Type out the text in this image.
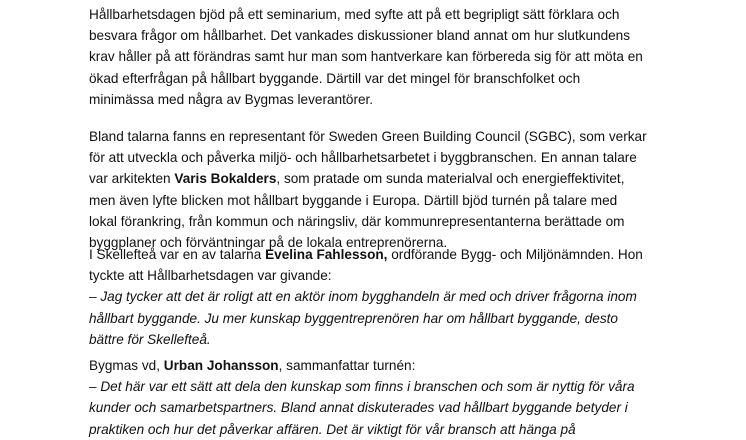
Hållbarhetsdagen bjöd på ett seminarium, med syfte att på ett begripligt sätt förklara och
besvara frågor om hållbarhet. Det vankades diskussioner bland annat om hur slutkundens
krav håller på att förändras samt hur man som hantverkare kan förbereda sig för att möta en
ökad efterfrågan på hållbart byggande. Därtill var det mingel för branschfolket och
minimässa med några av Bygmas leverantörer.
Bland talarna fanns en representant för Sweden Green Building Council (SGBC), som verkar
för att utveckla och påverka miljö- och hållbarhetsarbetet i byggbranschen. En annan talare
var arkitekten Varis Bokalders, som pratade om sunda materialval och energieffektivitet,
men även lyfte blicken mot hållbart byggande i Europa. Därtill bjöd turnén på talare med
lokal förankring, från kommun och näringsliv, där kommunrepresentanterna berättade om
byggplaner och förväntningar på de lokala entreprenörerna.
I Skellefteå var en av talarna Evelina Fahlesson, ordförande Bygg- och Miljönämnden. Hon
tyckte att Hållbarhetsdagen var givande:
– Jag tycker att det är roligt att en aktör inom bygghandeln är med och driver frågorna inom
hållbart byggande. Ju mer kunskap byggentreprenören har om hållbart byggande, desto
bättre för Skellefteå.
Bygmas vd, Urban Johansson, sammanfattar turnén:
– Det här var ett sätt att dela den kunskap som finns i branschen och som är nyttig för våra
kunder och samarbetspartners. Bland annat diskuterades vad hållbart byggande betyder i
praktiken och hur det påverkar affären. Det är viktigt för vår bransch att hänga på
